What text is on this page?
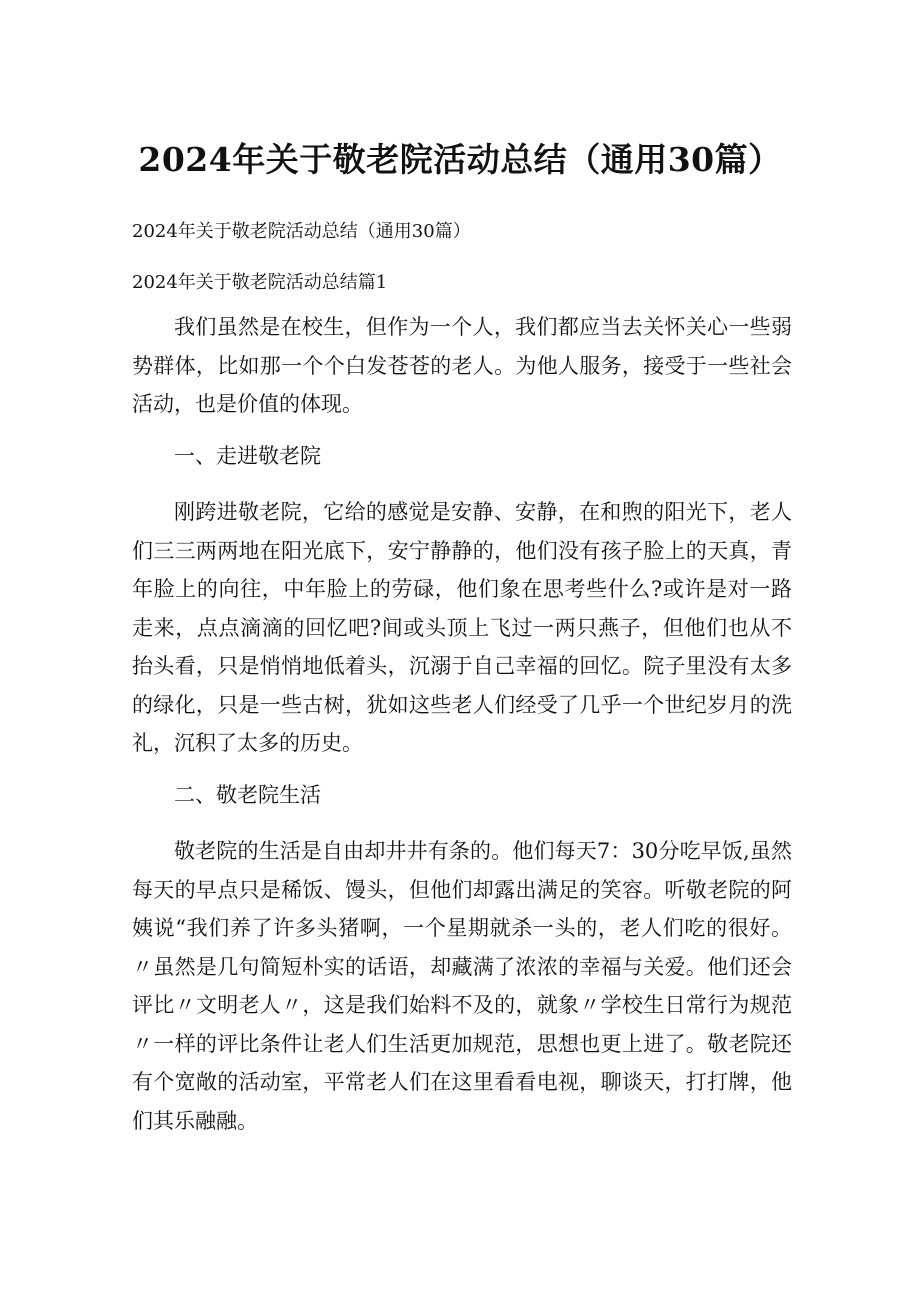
2024年关于敬老院活动总结（通用30篇）

2024年关于敬老院活动总结（通用30篇）

2024年关于敬老院活动总结篇1

我们虽然是在校生，但作为一个人，我们都应当去关怀关心一些弱势群体，比如那一个个白发苍苍的老人。为他人服务，接受于一些社会活动，也是价值的体现。

一、走进敬老院

刚跨进敬老院，它给的感觉是安静、安静，在和煦的阳光下，老人们三三两两地在阳光底下，安宁静静的，他们没有孩子脸上的天真，青年脸上的向往，中年脸上的劳碌，他们象在思考些什么?或许是对一路走来，点点滴滴的回忆吧?间或头顶上飞过一两只燕子，但他们也从不抬头看，只是悄悄地低着头，沉溺于自己幸福的回忆。院子里没有太多的绿化，只是一些古树，犹如这些老人们经受了几乎一个世纪岁月的洗礼，沉积了太多的历史。

二、敬老院生活

敬老院的生活是自由却井井有条的。他们每天7：30分吃早饭,虽然每天的早点只是稀饭、馒头，但他们却露出满足的笑容。听敬老院的阿姨说“我们养了许多头猪啊，一个星期就杀一头的，老人们吃的很好。〃虽然是几句简短朴实的话语，却藏满了浓浓的幸福与关爱。他们还会评比〃文明老人〃，这是我们始料不及的，就象〃学校生日常行为规范〃一样的评比条件让老人们生活更加规范，思想也更上进了。敬老院还有个宽敞的活动室，平常老人们在这里看看电视，聊谈天，打打牌，他们其乐融融。
